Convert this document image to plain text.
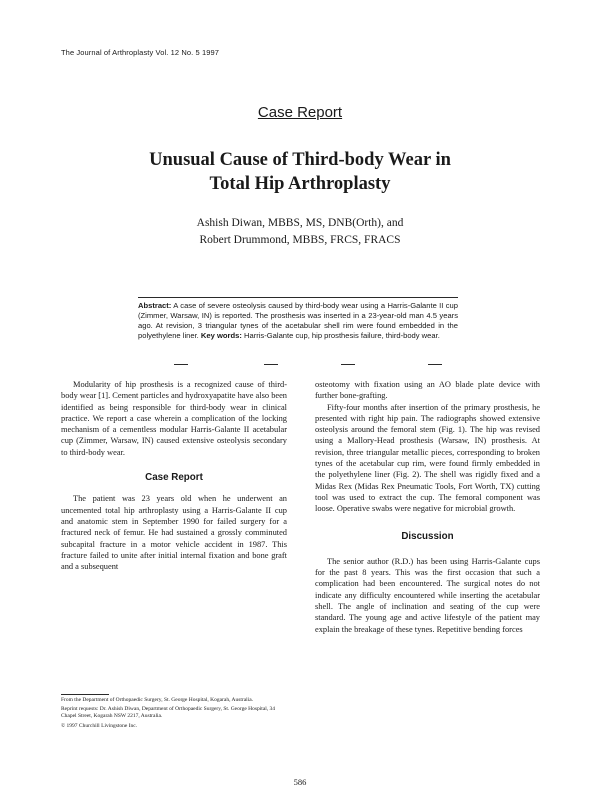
The Journal of Arthroplasty Vol. 12 No. 5 1997
Case Report
Unusual Cause of Third-body Wear in
Total Hip Arthroplasty
Ashish Diwan, MBBS, MS, DNB(Orth), and
Robert Drummond, MBBS, FRCS, FRACS
Abstract: A case of severe osteolysis caused by third-body wear using a Harris-Galante II cup (Zimmer, Warsaw, IN) is reported. The prosthesis was inserted in a 23-year-old man 4.5 years ago. At revision, 3 triangular tynes of the acetabular shell rim were found embedded in the polyethylene liner. Key words: Harris-Galante cup, hip prosthesis failure, third-body wear.

Modularity of hip prosthesis is a recognized cause of third-body wear [1]. Cement particles and hydroxyapatite have also been identified as being responsible for third-body wear in clinical practice. We report a case wherein a complication of the locking mechanism of a cementless modular Harris-Galante II acetabular cup (Zimmer, Warsaw, IN) caused extensive osteolysis secondary to third-body wear.

Case Report

The patient was 23 years old when he underwent an uncemented total hip arthroplasty using a Harris-Galante II cup and anatomic stem in September 1990 for failed surgery for a fractured neck of femur. He had sustained a grossly comminuted subcapital fracture in a motor vehicle accident in 1987. This fracture failed to unite after initial internal fixation and bone graft and a subsequent

osteotomy with fixation using an AO blade plate device with further bone-grafting.

Fifty-four months after insertion of the primary prosthesis, he presented with right hip pain. The radiographs showed extensive osteolysis around the femoral stem (Fig. 1). The hip was revised using a Mallory-Head prosthesis (Warsaw, IN) prosthesis. At revision, three triangular metallic pieces, corresponding to broken tynes of the acetabular cup rim, were found firmly embedded in the polyethylene liner (Fig. 2). The shell was rigidly fixed and a Midas Rex (Midas Rex Pneumatic Tools, Fort Worth, TX) cutting tool was used to extract the cup. The femoral component was loose. Operative swabs were negative for microbial growth.

Discussion

The senior author (R.D.) has been using Harris-Galante cups for the past 8 years. This was the first occasion that such a complication had been encountered. The surgical notes do not indicate any difficulty encountered while inserting the acetabular shell. The angle of inclination and seating of the cup were standard. The young age and active lifestyle of the patient may explain the breakage of these tynes. Repetitive bending forces

From the Department of Orthopaedic Surgery, St. George Hospital, Kogarah, Australia.

Reprint requests: Dr. Ashish Diwan, Department of Orthopaedic Surgery, St. George Hospital, 34 Chapel Street, Kogarah NSW 2217, Australia.

© 1997 Churchill Livingstone Inc.

586
